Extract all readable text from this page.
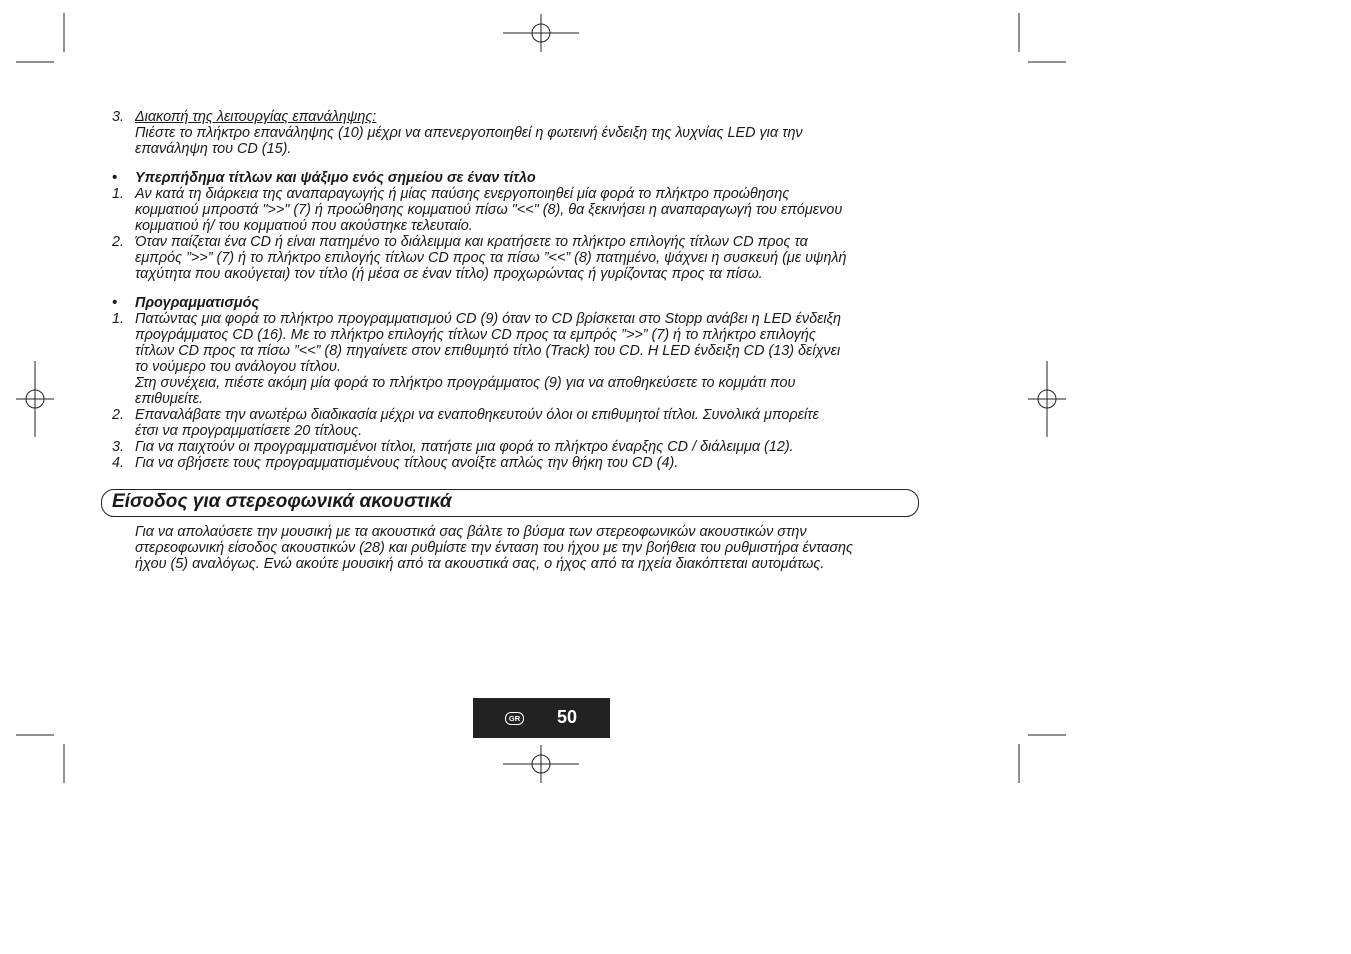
3. Διακοπή της λειτουργίας επανάληψης:
Πιέστε το πλήκτρο επανάληψης (10) μέχρι να απενεργοποιηθεί η φωτεινή ένδειξη της λυχνίας LED για την
επανάληψη του CD (15).
• Υπερπήδημα τίτλων και ψάξιμο ενός σημείου σε έναν τίτλο
1. Αν κατά τη διάρκεια της αναπαραγωγής ή μίας παύσης ενεργοποιηθεί μία φορά το πλήκτρο προώθησης
κομματιού μπροστά ">>" (7) ή προώθησης κομματιού πίσω "<<" (8), θα ξεκινήσει η αναπαραγωγή του επόμενου
κομματιού ή/ του κομματιού που ακούστηκε τελευταίο.
2. Όταν παίζεται ένα CD ή είναι πατημένο το διάλειμμα και κρατήσετε το πλήκτρο επιλογής τίτλων CD προς τα
εμπρός ”>>” (7) ή το πλήκτρο επιλογής τίτλων CD προς τα πίσω ”<<” (8) πατημένο, ψάχνει η συσκευή (με υψηλή
ταχύτητα που ακούγεται) τον τίτλο (ή μέσα σε έναν τίτλο) προχωρώντας ή γυρίζοντας προς τα πίσω.
• Προγραμματισμός
1. Πατώντας μια φορά το πλήκτρο προγραμματισμού CD (9) όταν το CD βρίσκεται στο Stopp ανάβει η LED ένδειξη
προγράμματος CD (16). Με το πλήκτρο επιλογής τίτλων CD προς τα εμπρός ”>>” (7) ή το πλήκτρο επιλογής
τίτλων CD προς τα πίσω ”<<” (8) πηγαίνετε στον επιθυμητό τίτλο (Track) του CD. Η LED ένδειξη CD (13) δείχνει
το νούμερο του ανάλογου τίτλου.
Στη συνέχεια, πιέστε ακόμη μία φορά το πλήκτρο προγράμματος (9) για να αποθηκεύσετε το κομμάτι που
επιθυμείτε.
2. Επαναλάβατε την ανωτέρω διαδικασία μέχρι να εναποθηκευτούν όλοι οι επιθυμητοί τίτλοι. Συνολικά μπορείτε
έτσι να προγραμματίσετε 20 τίτλους.
3. Για να παιχτούν οι προγραμματισμένοι τίτλοι, πατήστε μια φορά το πλήκτρο έναρξης CD / διάλειμμα (12).
4. Για να σβήσετε τους προγραμματισμένους τίτλους ανοίξτε απλώς την θήκη του CD (4).
Είσοδος για στερεοφωνικά ακουστικά
Για να απολαύσετε την μουσική με τα ακουστικά σας βάλτε το βύσμα των στερεοφωνικών ακουστικών στην
στερεοφωνική είσοδος ακουστικών (28) και ρυθμίστε την ένταση του ήχου με την βοήθεια του ρυθμιστήρα έντασης
ήχου (5) αναλόγως. Ενώ ακούτε μουσική από τα ακουστικά σας, ο ήχος από τα ηχεία διακόπτεται αυτομάτως.
GR 50
